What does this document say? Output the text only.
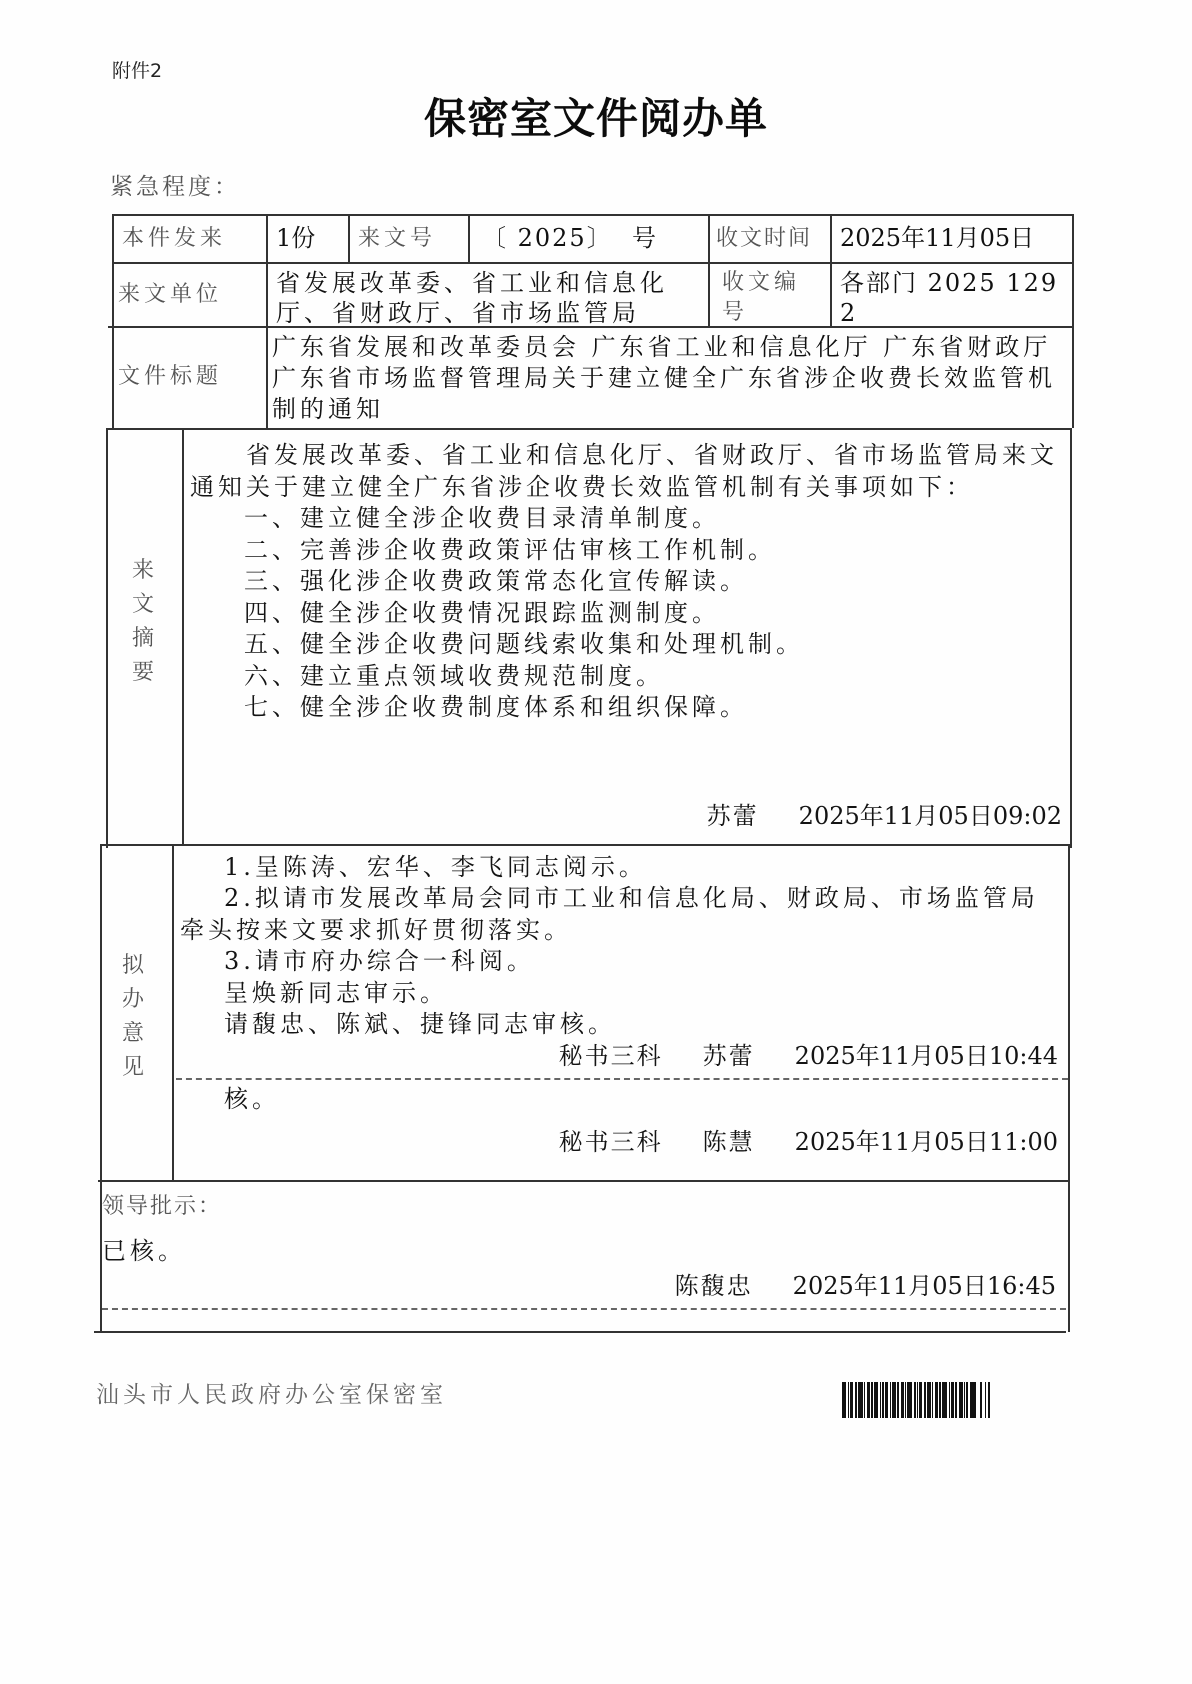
附件2
保密室文件阅办单
紧急程度：
本件发来 1份 来文号 〔 2025〕  号	收文时间 2025年11月05日
来文单位 省发展改革委、省工业和信息化厅、省财政厅、省市场监管局
收文编号
各部门 2025 1292
文件标题
广东省发展和改革委员会 广东省工业和信息化厅 广东省财政厅 广东省市场监督管理局关于建立健全广东省涉企收费长效监管机制的通知
来
文
摘
要
省发展改革委、省工业和信息化厅、省财政厅、省市场监管局来文通知关于建立健全广东省涉企收费长效监管机制有关事项如下：
一、建立健全涉企收费目录清单制度。
二、完善涉企收费政策评估审核工作机制。
三、强化涉企收费政策常态化宣传解读。
四、健全涉企收费情况跟踪监测制度。
五、健全涉企收费问题线索收集和处理机制。
六、建立重点领域收费规范制度。
七、健全涉企收费制度体系和组织保障。
苏蕾 2025年11月05日09:02
拟
办
意
见
1.呈陈涛、宏华、李飞同志阅示。
2.拟请市发展改革局会同市工业和信息化局、财政局、市场监管局牵头按来文要求抓好贯彻落实。
3.请市府办综合一科阅。
呈焕新同志审示。
请馥忠、陈斌、捷锋同志审核。
秘书三科 苏蕾 2025年11月05日10:44
核。
秘书三科 陈慧 2025年11月05日11:00
领导批示：
已核。
陈馥忠 2025年11月05日16:45
汕头市人民政府办公室保密室
